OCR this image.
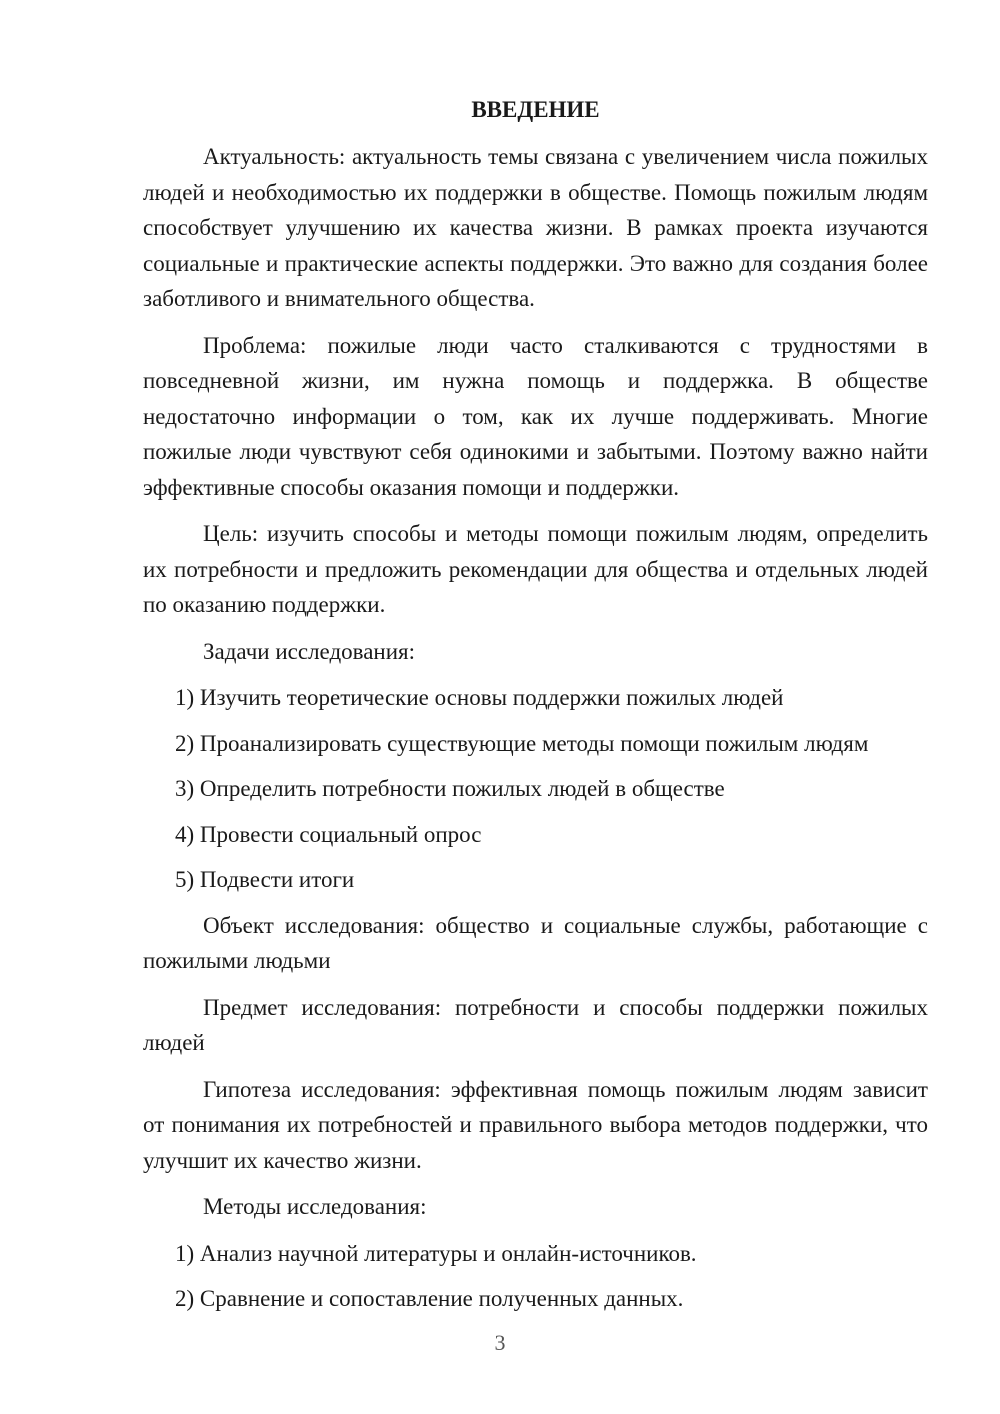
ВВЕДЕНИЕ

Актуальность: актуальность темы связана с увеличением числа пожилых людей и необходимостью их поддержки в обществе. Помощь пожилым людям способствует улучшению их качества жизни. В рамках проекта изучаются социальные и практические аспекты поддержки. Это важно для создания более заботливого и внимательного общества.

Проблема: пожилые люди часто сталкиваются с трудностями в повседневной жизни, им нужна помощь и поддержка. В обществе недостаточно информации о том, как их лучше поддерживать. Многие пожилые люди чувствуют себя одинокими и забытыми. Поэтому важно найти эффективные способы оказания помощи и поддержки.

Цель: изучить способы и методы помощи пожилым людям, определить их потребности и предложить рекомендации для общества и отдельных людей по оказанию поддержки.

Задачи исследования:

1) Изучить теоретические основы поддержки пожилых людей
2) Проанализировать существующие методы помощи пожилым людям
3) Определить потребности пожилых людей в обществе
4) Провести социальный опрос
5) Подвести итоги

Объект исследования: общество и социальные службы, работающие с пожилыми людьми

Предмет исследования: потребности и способы поддержки пожилых людей

Гипотеза исследования: эффективная помощь пожилым людям зависит от понимания их потребностей и правильного выбора методов поддержки, что улучшит их качество жизни.

Методы исследования:

1) Анализ научной литературы и онлайн-источников.
2) Сравнение и сопоставление полученных данных.
3
